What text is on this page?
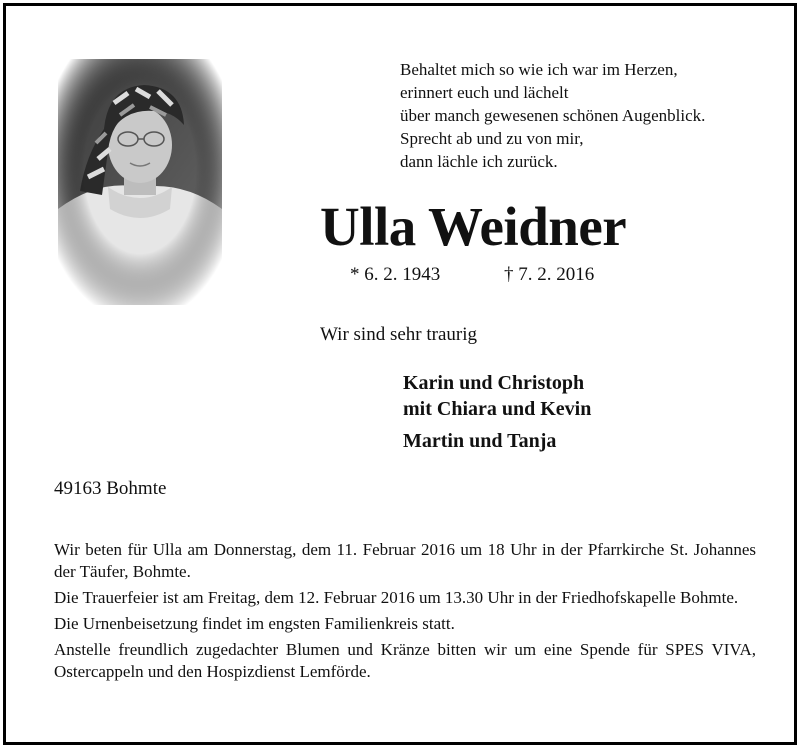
Behaltet mich so wie ich war im Herzen,
erinnert euch und lächelt
über manch gewesenen schönen Augenblick.
Sprecht ab und zu von mir,
dann lächle ich zurück.
Ulla Weidner
* 6. 2. 1943	† 7. 2. 2016
Wir sind sehr traurig
Karin und Christoph
mit Chiara und Kevin
Martin und Tanja
49163 Bohmte

Wir beten für Ulla am Donnerstag, dem 11. Februar 2016 um 18 Uhr in der Pfarrkirche St. Johannes der Täufer, Bohmte.

Die Trauerfeier ist am Freitag, dem 12. Februar 2016 um 13.30 Uhr in der Friedhofskapelle Bohmte.

Die Urnenbeisetzung findet im engsten Familienkreis statt.

Anstelle freundlich zugedachter Blumen und Kränze bitten wir um eine Spende für SPES VIVA, Ostercappeln und den Hospizdienst Lemförde.
